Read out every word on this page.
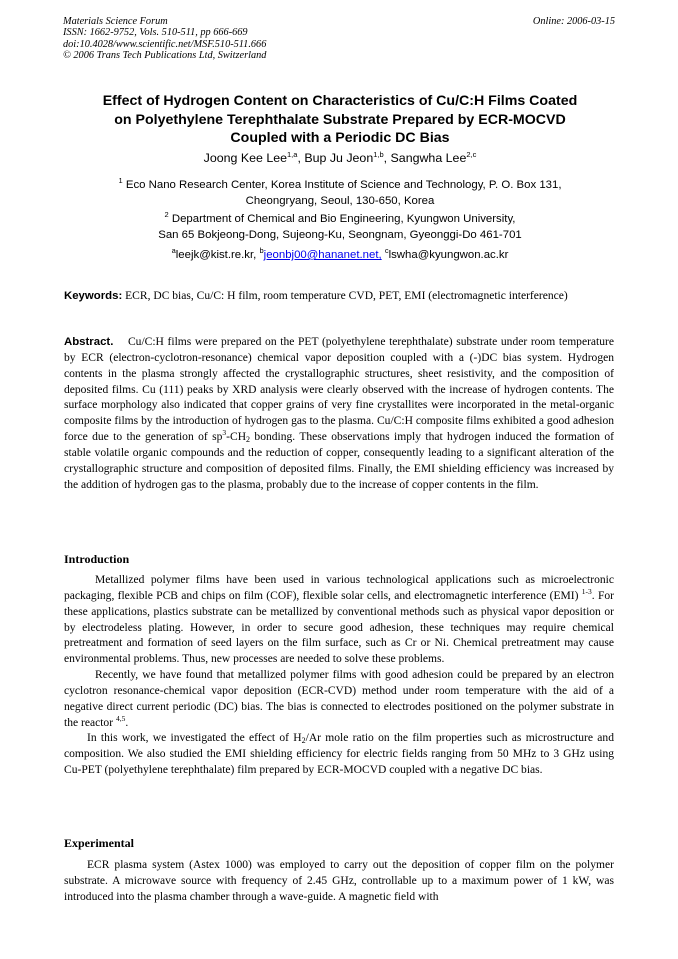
Materials Science Forum
ISSN: 1662-9752, Vols. 510-511, pp 666-669
doi:10.4028/www.scientific.net/MSF.510-511.666
© 2006 Trans Tech Publications Ltd, Switzerland
Online: 2006-03-15
Effect of Hydrogen Content on Characteristics of Cu/C:H Films Coated
on Polyethylene Terephthalate Substrate Prepared by ECR-MOCVD
Coupled with a Periodic DC Bias
Joong Kee Lee$^{1,a}$, Bup Ju Jeon$^{1,b}$, Sangwha Lee$^{2,c}$
$^1$ Eco Nano Research Center, Korea Institute of Science and Technology, P. O. Box 131,
Cheongryang, Seoul, 130-650, Korea
$^2$ Department of Chemical and Bio Engineering, Kyungwon University,
San 65 Bokjeong-Dong, Sujeong-Ku, Seongnam, Gyeonggi-Do 461-701
$^a$leejk@kist.re.kr, $^b$jeonbj00@hananet.net, $^c$lswha@kyungwon.ac.kr
Keywords: ECR, DC bias, Cu/C: H film, room temperature CVD, PET, EMI (electromagnetic interference)

Abstract. Cu/C:H films were prepared on the PET (polyethylene terephthalate) substrate under room temperature by ECR (electron-cyclotron-resonance) chemical vapor deposition coupled with a (-)DC bias system. Hydrogen contents in the plasma strongly affected the crystallographic structures, sheet resistivity, and the composition of deposited films. Cu (111) peaks by XRD analysis were clearly observed with the increase of hydrogen contents. The surface morphology also indicated that copper grains of very fine crystallites were incorporated in the metal-organic composite films by the introduction of hydrogen gas to the plasma. Cu/C:H composite films exhibited a good adhesion force due to the generation of $sp^3-CH_2$ bonding. These observations imply that hydrogen induced the formation of stable volatile organic compounds and the reduction of copper, consequently leading to a significant alteration of the crystallographic structure and composition of deposited films. Finally, the EMI shielding efficiency was increased by the addition of hydrogen gas to the plasma, probably due to the increase of copper contents in the film.

Introduction

Metallized polymer films have been used in various technological applications such as microelectronic packaging, flexible PCB and chips on film (COF), flexible solar cells, and electromagnetic interference (EMI) $^{1-3}$. For these applications, plastics substrate can be metallized by conventional methods such as physical vapor deposition or by electrodeless plating. However, in order to secure good adhesion, these techniques may require chemical pretreatment and formation of seed layers on the film surface, such as Cr or Ni. Chemical pretreatment may cause environmental problems. Thus, new processes are needed to solve these problems.

Recently, we have found that metallized polymer films with good adhesion could be prepared by an electron cyclotron resonance-chemical vapor deposition (ECR-CVD) method under room temperature with the aid of a negative direct current periodic (DC) bias. The bias is connected to electrodes positioned on the polymer substrate in the reactor $^{4,5}$.

In this work, we investigated the effect of $H_2/Ar$ mole ratio on the film properties such as microstructure and composition. We also studied the EMI shielding efficiency for electric fields ranging from 50 MHz to 3 GHz using Cu-PET (polyethylene terephthalate) film prepared by ECR-MOCVD coupled with a negative DC bias.

Experimental

ECR plasma system (Astex 1000) was employed to carry out the deposition of copper film on the polymer substrate. A microwave source with frequency of 2.45 GHz, controllable up to a maximum power of 1 kW, was introduced into the plasma chamber through a wave-guide. A magnetic field with
